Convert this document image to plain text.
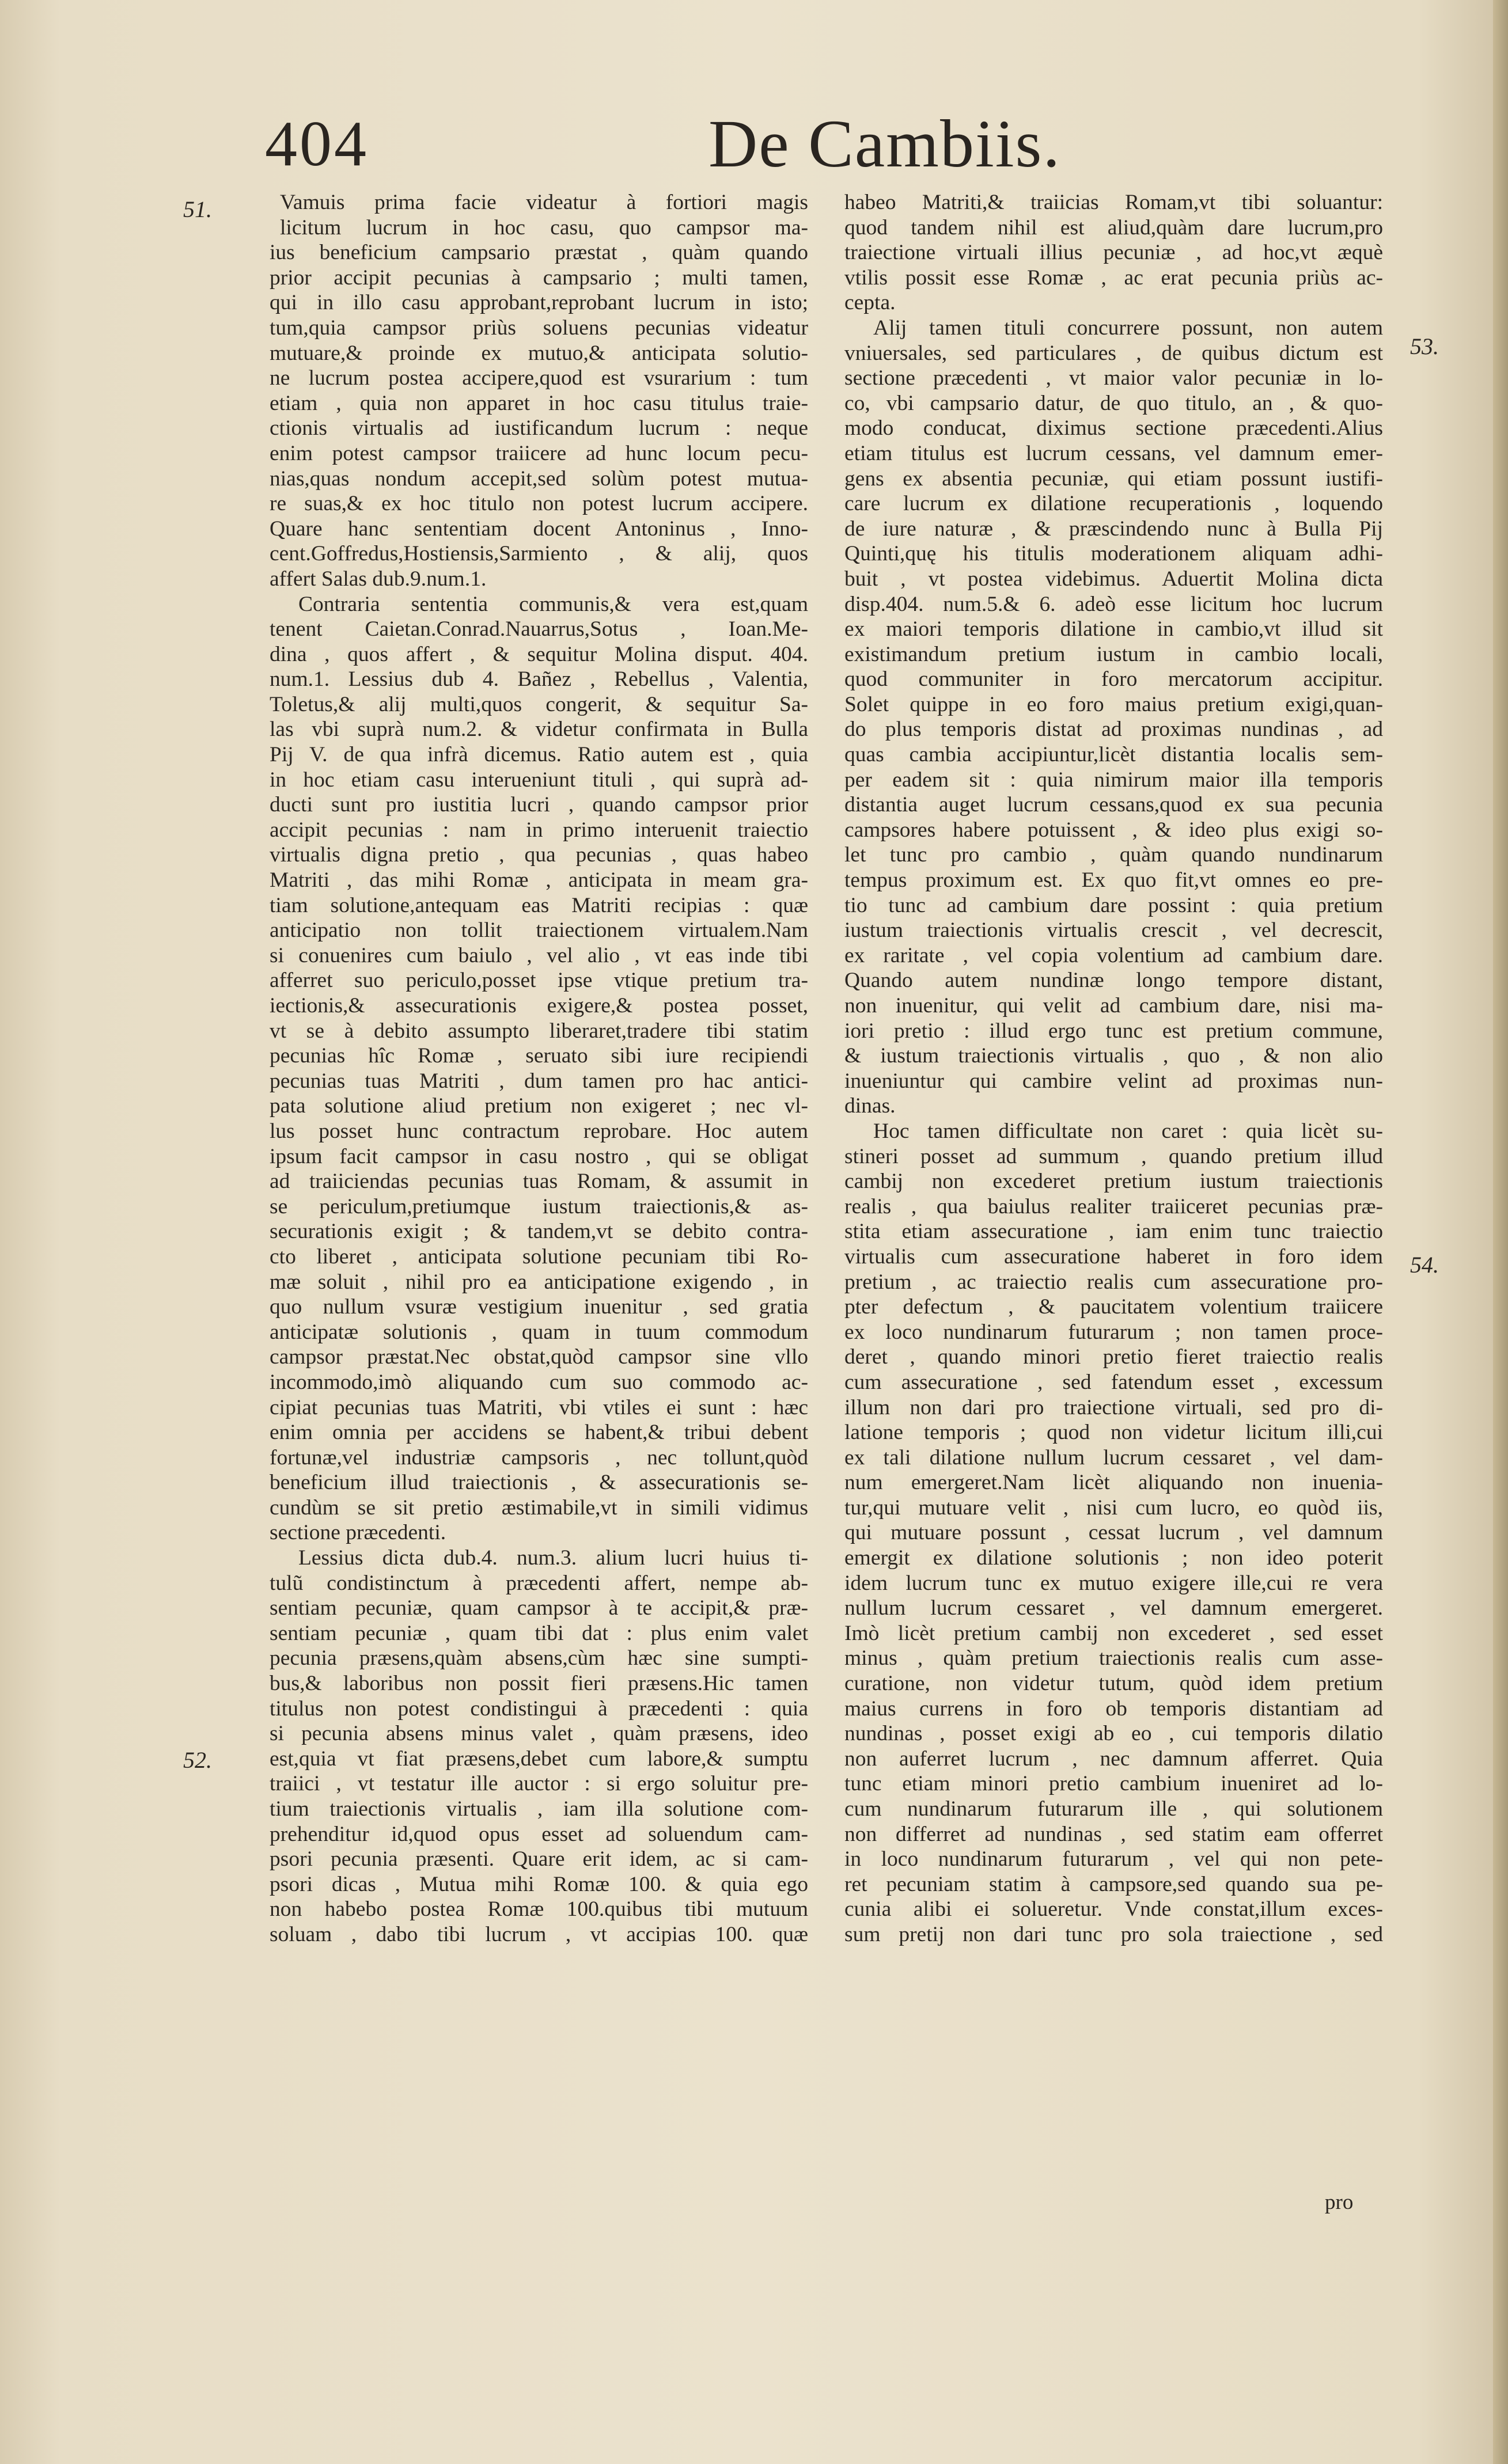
404	De Cambiis.
51.
52.
53.
54.
Vamuis prima facie videatur à fortiori magis
licitum lucrum in hoc casu, quo campsor ma-
ius beneficium campsario præstat , quàm quando
prior accipit pecunias à campsario ; multi tamen,
qui in illo casu approbant,reprobant lucrum in isto;
tum,quia campsor priùs soluens pecunias videatur
mutuare,& proinde ex mutuo,& anticipata solutio-
ne lucrum postea accipere,quod est vsurarium : tum
etiam , quia non apparet in hoc casu titulus traie-
ctionis virtualis ad iustificandum lucrum : neque
enim potest campsor traiicere ad hunc locum pecu-
nias,quas nondum accepit,sed solùm potest mutua-
re suas,& ex hoc titulo non potest lucrum accipere.
Quare hanc sententiam docent Antoninus , Inno-
cent.Goffredus,Hostiensis,Sarmiento , & alij, quos
affert Salas dub.9.num.1.
Contraria sententia communis,& vera est,quam
tenent Caietan.Conrad.Nauarrus,Sotus , Ioan.Me-
dina , quos affert , & sequitur Molina disput. 404.
num.1. Lessius dub 4. Bañez , Rebellus , Valentia,
Toletus,& alij multi,quos congerit, & sequitur Sa-
las vbi suprà num.2. & videtur confirmata in Bulla
Pij V. de qua infrà dicemus. Ratio autem est , quia
in hoc etiam casu interueniunt tituli , qui suprà ad-
ducti sunt pro iustitia lucri , quando campsor prior
accipit pecunias : nam in primo interuenit traiectio
virtualis digna pretio , qua pecunias , quas habeo
Matriti , das mihi Romæ , anticipata in meam gra-
tiam solutione,antequam eas Matriti recipias : quæ
anticipatio non tollit traiectionem virtualem.Nam
si conuenires cum baiulo , vel alio , vt eas inde tibi
afferret suo periculo,posset ipse vtique pretium tra-
iectionis,& assecurationis exigere,& postea posset,
vt se à debito assumpto liberaret,tradere tibi statim
pecunias hîc Romæ , seruato sibi iure recipiendi
pecunias tuas Matriti , dum tamen pro hac antici-
pata solutione aliud pretium non exigeret ; nec vl-
lus posset hunc contractum reprobare. Hoc autem
ipsum facit campsor in casu nostro , qui se obligat
ad traiiciendas pecunias tuas Romam, & assumit in
se periculum,pretiumque iustum traiectionis,& as-
securationis exigit ; & tandem,vt se debito contra-
cto liberet , anticipata solutione pecuniam tibi Ro-
mæ soluit , nihil pro ea anticipatione exigendo , in
quo nullum vsuræ vestigium inuenitur , sed gratia
anticipatæ solutionis , quam in tuum commodum
campsor præstat.Nec obstat,quòd campsor sine vllo
incommodo,imò aliquando cum suo commodo ac-
cipiat pecunias tuas Matriti, vbi vtiles ei sunt : hæc
enim omnia per accidens se habent,& tribui debent
fortunæ,vel industriæ campsoris , nec tollunt,quòd
beneficium illud traiectionis , & assecurationis se-
cundùm se sit pretio æstimabile,vt in simili vidimus
sectione præcedenti.
Lessius dicta dub.4. num.3. alium lucri huius ti-
tulũ condistinctum à præcedenti affert, nempe ab-
sentiam pecuniæ, quam campsor à te accipit,& præ-
sentiam pecuniæ , quam tibi dat : plus enim valet
pecunia præsens,quàm absens,cùm hæc sine sumpti-
bus,& laboribus non possit fieri præsens.Hic tamen
titulus non potest condistingui à præcedenti : quia
si pecunia absens minus valet , quàm præsens, ideo
est,quia vt fiat præsens,debet cum labore,& sumptu
traiici , vt testatur ille auctor : si ergo soluitur pre-
tium traiectionis virtualis , iam illa solutione com-
prehenditur id,quod opus esset ad soluendum cam-
psori pecunia præsenti. Quare erit idem, ac si cam-
psori dicas , Mutua mihi Romæ 100. & quia ego
non habebo postea Romæ 100.quibus tibi mutuum
soluam , dabo tibi lucrum , vt accipias 100. quæ
habeo Matriti,& traiicias Romam,vt tibi soluantur:
quod tandem nihil est aliud,quàm dare lucrum,pro
traiectione virtuali illius pecuniæ , ad hoc,vt æquè
vtilis possit esse Romæ , ac erat pecunia priùs ac-
cepta.
Alij tamen tituli concurrere possunt, non autem
vniuersales, sed particulares , de quibus dictum est
sectione præcedenti , vt maior valor pecuniæ in lo-
co, vbi campsario datur, de quo titulo, an , & quo-
modo conducat, diximus sectione præcedenti.Alius
etiam titulus est lucrum cessans, vel damnum emer-
gens ex absentia pecuniæ, qui etiam possunt iustifi-
care lucrum ex dilatione recuperationis , loquendo
de iure naturæ , & præscindendo nunc à Bulla Pij
Quinti,quę his titulis moderationem aliquam adhi-
buit , vt postea videbimus. Aduertit Molina dicta
disp.404. num.5.& 6. adeò esse licitum hoc lucrum
ex maiori temporis dilatione in cambio,vt illud sit
existimandum pretium iustum in cambio locali,
quod communiter in foro mercatorum accipitur.
Solet quippe in eo foro maius pretium exigi,quan-
do plus temporis distat ad proximas nundinas , ad
quas cambia accipiuntur,licèt distantia localis sem-
per eadem sit : quia nimirum maior illa temporis
distantia auget lucrum cessans,quod ex sua pecunia
campsores habere potuissent , & ideo plus exigi so-
let tunc pro cambio , quàm quando nundinarum
tempus proximum est. Ex quo fit,vt omnes eo pre-
tio tunc ad cambium dare possint : quia pretium
iustum traiectionis virtualis crescit , vel decrescit,
ex raritate , vel copia volentium ad cambium dare.
Quando autem nundinæ longo tempore distant,
non inuenitur, qui velit ad cambium dare, nisi ma-
iori pretio : illud ergo tunc est pretium commune,
& iustum traiectionis virtualis , quo , & non alio
inueniuntur qui cambire velint ad proximas nun-
dinas.
Hoc tamen difficultate non caret : quia licèt su-
stineri posset ad summum , quando pretium illud
cambij non excederet pretium iustum traiectionis
realis , qua baiulus realiter traiiceret pecunias præ-
stita etiam assecuratione , iam enim tunc traiectio
virtualis cum assecuratione haberet in foro idem
pretium , ac traiectio realis cum assecuratione pro-
pter defectum , & paucitatem volentium traiicere
ex loco nundinarum futurarum ; non tamen proce-
deret , quando minori pretio fieret traiectio realis
cum assecuratione , sed fatendum esset , excessum
illum non dari pro traiectione virtuali, sed pro di-
latione temporis ; quod non videtur licitum illi,cui
ex tali dilatione nullum lucrum cessaret , vel dam-
num emergeret.Nam licèt aliquando non inuenia-
tur,qui mutuare velit , nisi cum lucro, eo quòd iis,
qui mutuare possunt , cessat lucrum , vel damnum
emergit ex dilatione solutionis ; non ideo poterit
idem lucrum tunc ex mutuo exigere ille,cui re vera
nullum lucrum cessaret , vel damnum emergeret.
Imò licèt pretium cambij non excederet , sed esset
minus , quàm pretium traiectionis realis cum asse-
curatione, non videtur tutum, quòd idem pretium
maius currens in foro ob temporis distantiam ad
nundinas , posset exigi ab eo , cui temporis dilatio
non auferret lucrum , nec damnum afferret. Quia
tunc etiam minori pretio cambium inueniret ad lo-
cum nundinarum futurarum ille , qui solutionem
non differret ad nundinas , sed statim eam offerret
in loco nundinarum futurarum , vel qui non pete-
ret pecuniam statim à campsore,sed quando sua pe-
cunia alibi ei solueretur. Vnde constat,illum exces-
sum pretij non dari tunc pro sola traiectione , sed
pro
